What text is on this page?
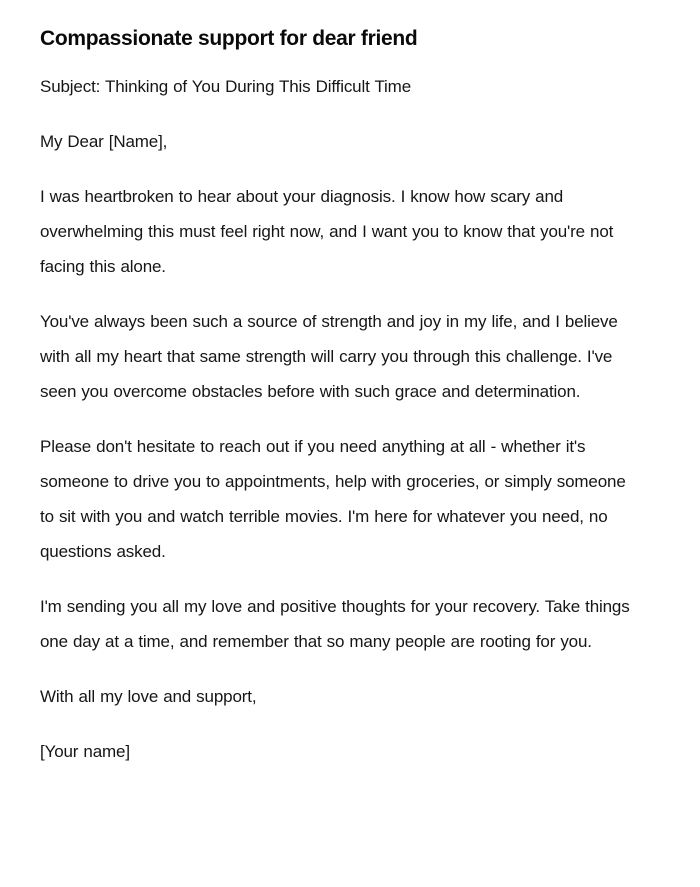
Compassionate support for dear friend

Subject: Thinking of You During This Difficult Time

My Dear [Name],

I was heartbroken to hear about your diagnosis. I know how scary and overwhelming this must feel right now, and I want you to know that you're not facing this alone.

You've always been such a source of strength and joy in my life, and I believe with all my heart that same strength will carry you through this challenge. I've seen you overcome obstacles before with such grace and determination.

Please don't hesitate to reach out if you need anything at all - whether it's someone to drive you to appointments, help with groceries, or simply someone to sit with you and watch terrible movies. I'm here for whatever you need, no questions asked.

I'm sending you all my love and positive thoughts for your recovery. Take things one day at a time, and remember that so many people are rooting for you.

With all my love and support,

[Your name]
